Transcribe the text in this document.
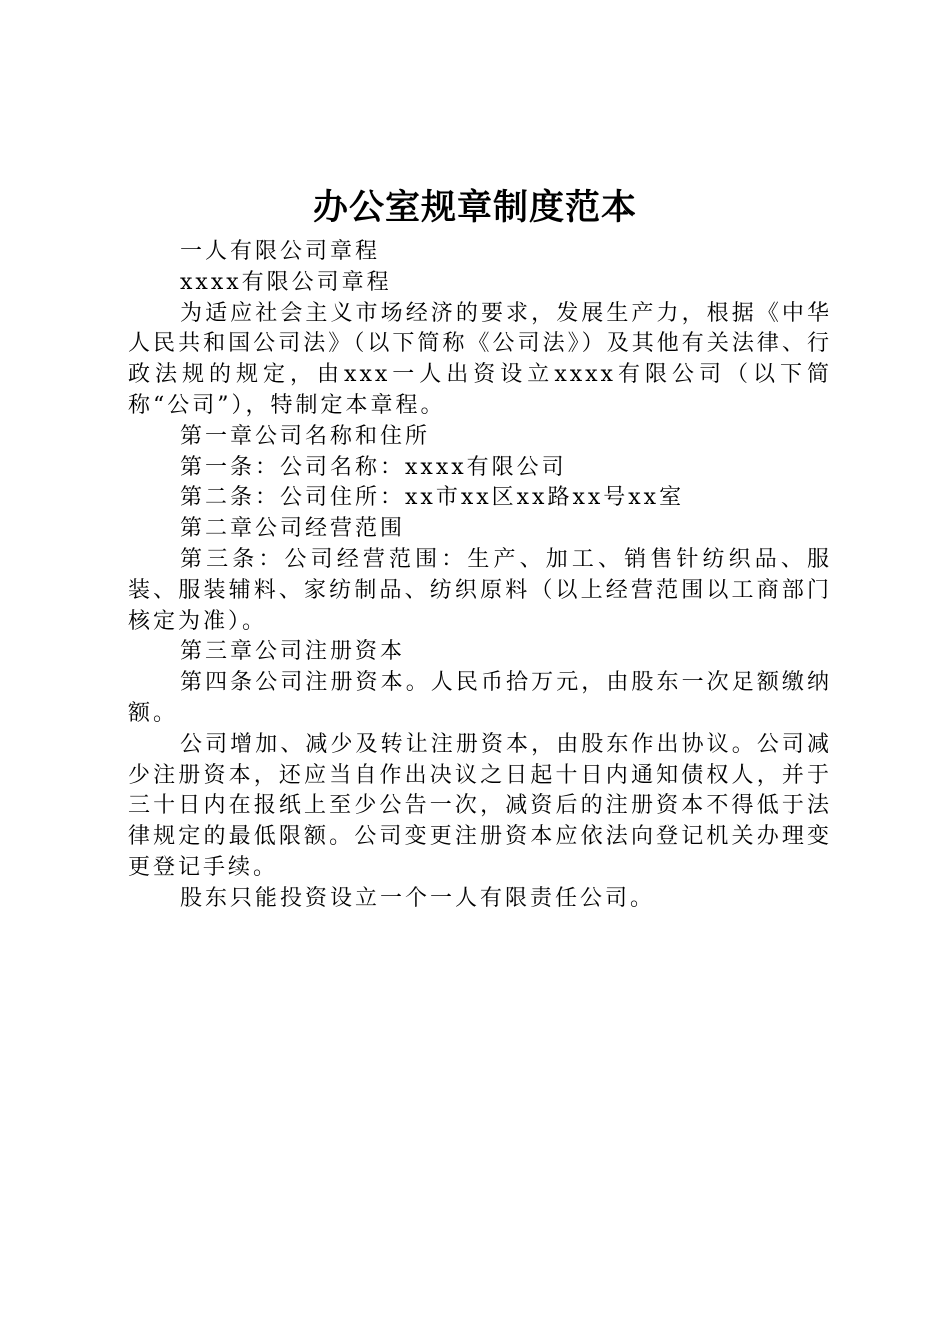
办公室规章制度范本

一人有限公司章程

xxxx有限公司章程

为适应社会主义市场经济的要求，发展生产力，根据《中华人民共和国公司法》（以下简称《公司法》）及其他有关法律、行政法规的规定，由xxx一人出资设立xxxx有限公司（以下简称“公司”），特制定本章程。

第一章公司名称和住所

第一条：公司名称：xxxx有限公司

第二条：公司住所：xx市xx区xx路xx号xx室

第二章公司经营范围

第三条：公司经营范围：生产、加工、销售针纺织品、服装、服装辅料、家纺制品、纺织原料（以上经营范围以工商部门核定为准）。

第三章公司注册资本

第四条公司注册资本。人民币拾万元，由股东一次足额缴纳额。

公司增加、减少及转让注册资本，由股东作出协议。公司减少注册资本，还应当自作出决议之日起十日内通知债权人，并于三十日内在报纸上至少公告一次，减资后的注册资本不得低于法律规定的最低限额。公司变更注册资本应依法向登记机关办理变更登记手续。

股东只能投资设立一个一人有限责任公司。
